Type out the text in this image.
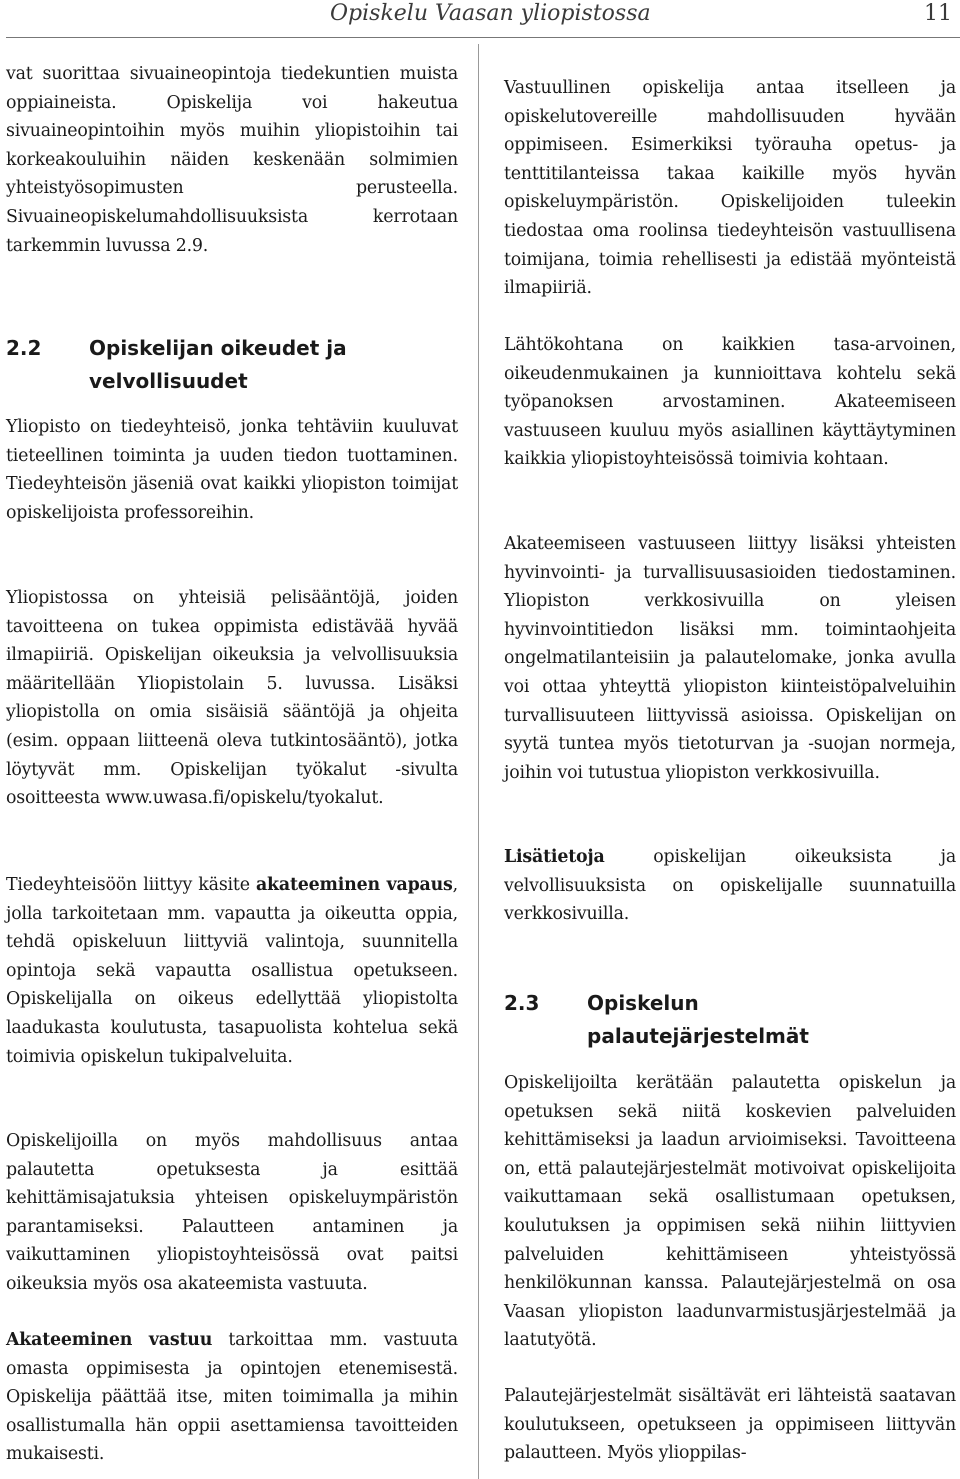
Opiskelu Vaasan yliopistossa	11

vat suorittaa sivuaineopintoja tiedekuntien muista oppiaineista. Opiskelija voi hakeutua sivuaineopintoihin myös muihin yliopistoihin tai korkeakouluihin näiden keskenään solmimien yhteistyösopimusten perusteella. Sivuaineopiskelumahdollisuuksista kerrotaan tarkemmin luvussa 2.9.

2.2	Opiskelijan oikeudet ja
velvollisuudet

Yliopisto on tiedeyhteisö, jonka tehtäviin kuuluvat tieteellinen toiminta ja uuden tiedon tuottaminen. Tiedeyhteisön jäseniä ovat kaikki yliopiston toimijat opiskelijoista professoreihin.

Yliopistossa on yhteisiä pelisääntöjä, joiden tavoitteena on tukea oppimista edistävää hyvää ilmapiiriä. Opiskelijan oikeuksia ja velvollisuuksia määritellään Yliopistolain 5. luvussa. Lisäksi yliopistolla on omia sisäisiä sääntöjä ja ohjeita (esim. oppaan liitteenä oleva tutkintosääntö), jotka löytyvät mm. Opiskelijan työkalut -sivulta osoitteesta www.uwasa.fi/opiskelu/tyokalut.

Tiedeyhteisöön liittyy käsite akateeminen vapaus, jolla tarkoitetaan mm. vapautta ja oikeutta oppia, tehdä opiskeluun liittyviä valintoja, suunnitella opintoja sekä vapautta osallistua opetukseen. Opiskelijalla on oikeus edellyttää yliopistolta laadukasta koulutusta, tasapuolista kohtelua sekä toimivia opiskelun tukipalveluita.

Opiskelijoilla on myös mahdollisuus antaa palautetta opetuksesta ja esittää kehittämisajatuksia yhteisen opiskeluympäristön parantamiseksi. Palautteen antaminen ja vaikuttaminen yliopistoyhteisössä ovat paitsi oikeuksia myös osa akateemista vastuuta.

Akateeminen vastuu tarkoittaa mm. vastuuta omasta oppimisesta ja opintojen etenemisestä. Opiskelija päättää itse, miten toimimalla ja mihin osallistumalla hän oppii asettamiensa tavoitteiden mukaisesti.

Vastuullinen opiskelija antaa itselleen ja opiskelutovereille mahdollisuuden hyvään oppimiseen. Esimerkiksi työrauha opetus- ja tenttitilanteissa takaa kaikille myös hyvän opiskeluympäristön. Opiskelijoiden tuleekin tiedostaa oma roolinsa tiedeyhteisön vastuullisena toimijana, toimia rehellisesti ja edistää myönteistä ilmapiiriä.

Lähtökohtana on kaikkien tasa-arvoinen, oikeudenmukainen ja kunnioittava kohtelu sekä työpanoksen arvostaminen. Akateemiseen vastuuseen kuuluu myös asiallinen käyttäytyminen kaikkia yliopistoyhteisössä toimivia kohtaan.

Akateemiseen vastuuseen liittyy lisäksi yhteisten hyvinvointi- ja turvallisuusasioiden tiedostaminen. Yliopiston verkkosivuilla on yleisen hyvinvointitiedon lisäksi mm. toimintaohjeita ongelmatilanteisiin ja palautelomake, jonka avulla voi ottaa yhteyttä yliopiston kiinteistöpalveluihin turvallisuuteen liittyvissä asioissa. Opiskelijan on syytä tuntea myös tietoturvan ja -suojan normeja, joihin voi tutustua yliopiston verkkosivuilla.

Lisätietoja opiskelijan oikeuksista ja velvollisuuksista on opiskelijalle suunnatuilla verkkosivuilla.

2.3	Opiskelun
palautejärjestelmät

Opiskelijoilta kerätään palautetta opiskelun ja opetuksen sekä niitä koskevien palveluiden kehittämiseksi ja laadun arvioimiseksi. Tavoitteena on, että palautejärjestelmät motivoivat opiskelijoita vaikuttamaan sekä osallistumaan opetuksen, koulutuksen ja oppimisen sekä niihin liittyvien palveluiden kehittämiseen yhteistyössä henkilökunnan kanssa. Palautejärjestelmä on osa Vaasan yliopiston laadunvarmistusjärjestelmää ja laatutyötä.

Palautejärjestelmät sisältävät eri lähteistä saatavan koulutukseen, opetukseen ja oppimiseen liittyvän palautteen. Myös ylioppilas-
